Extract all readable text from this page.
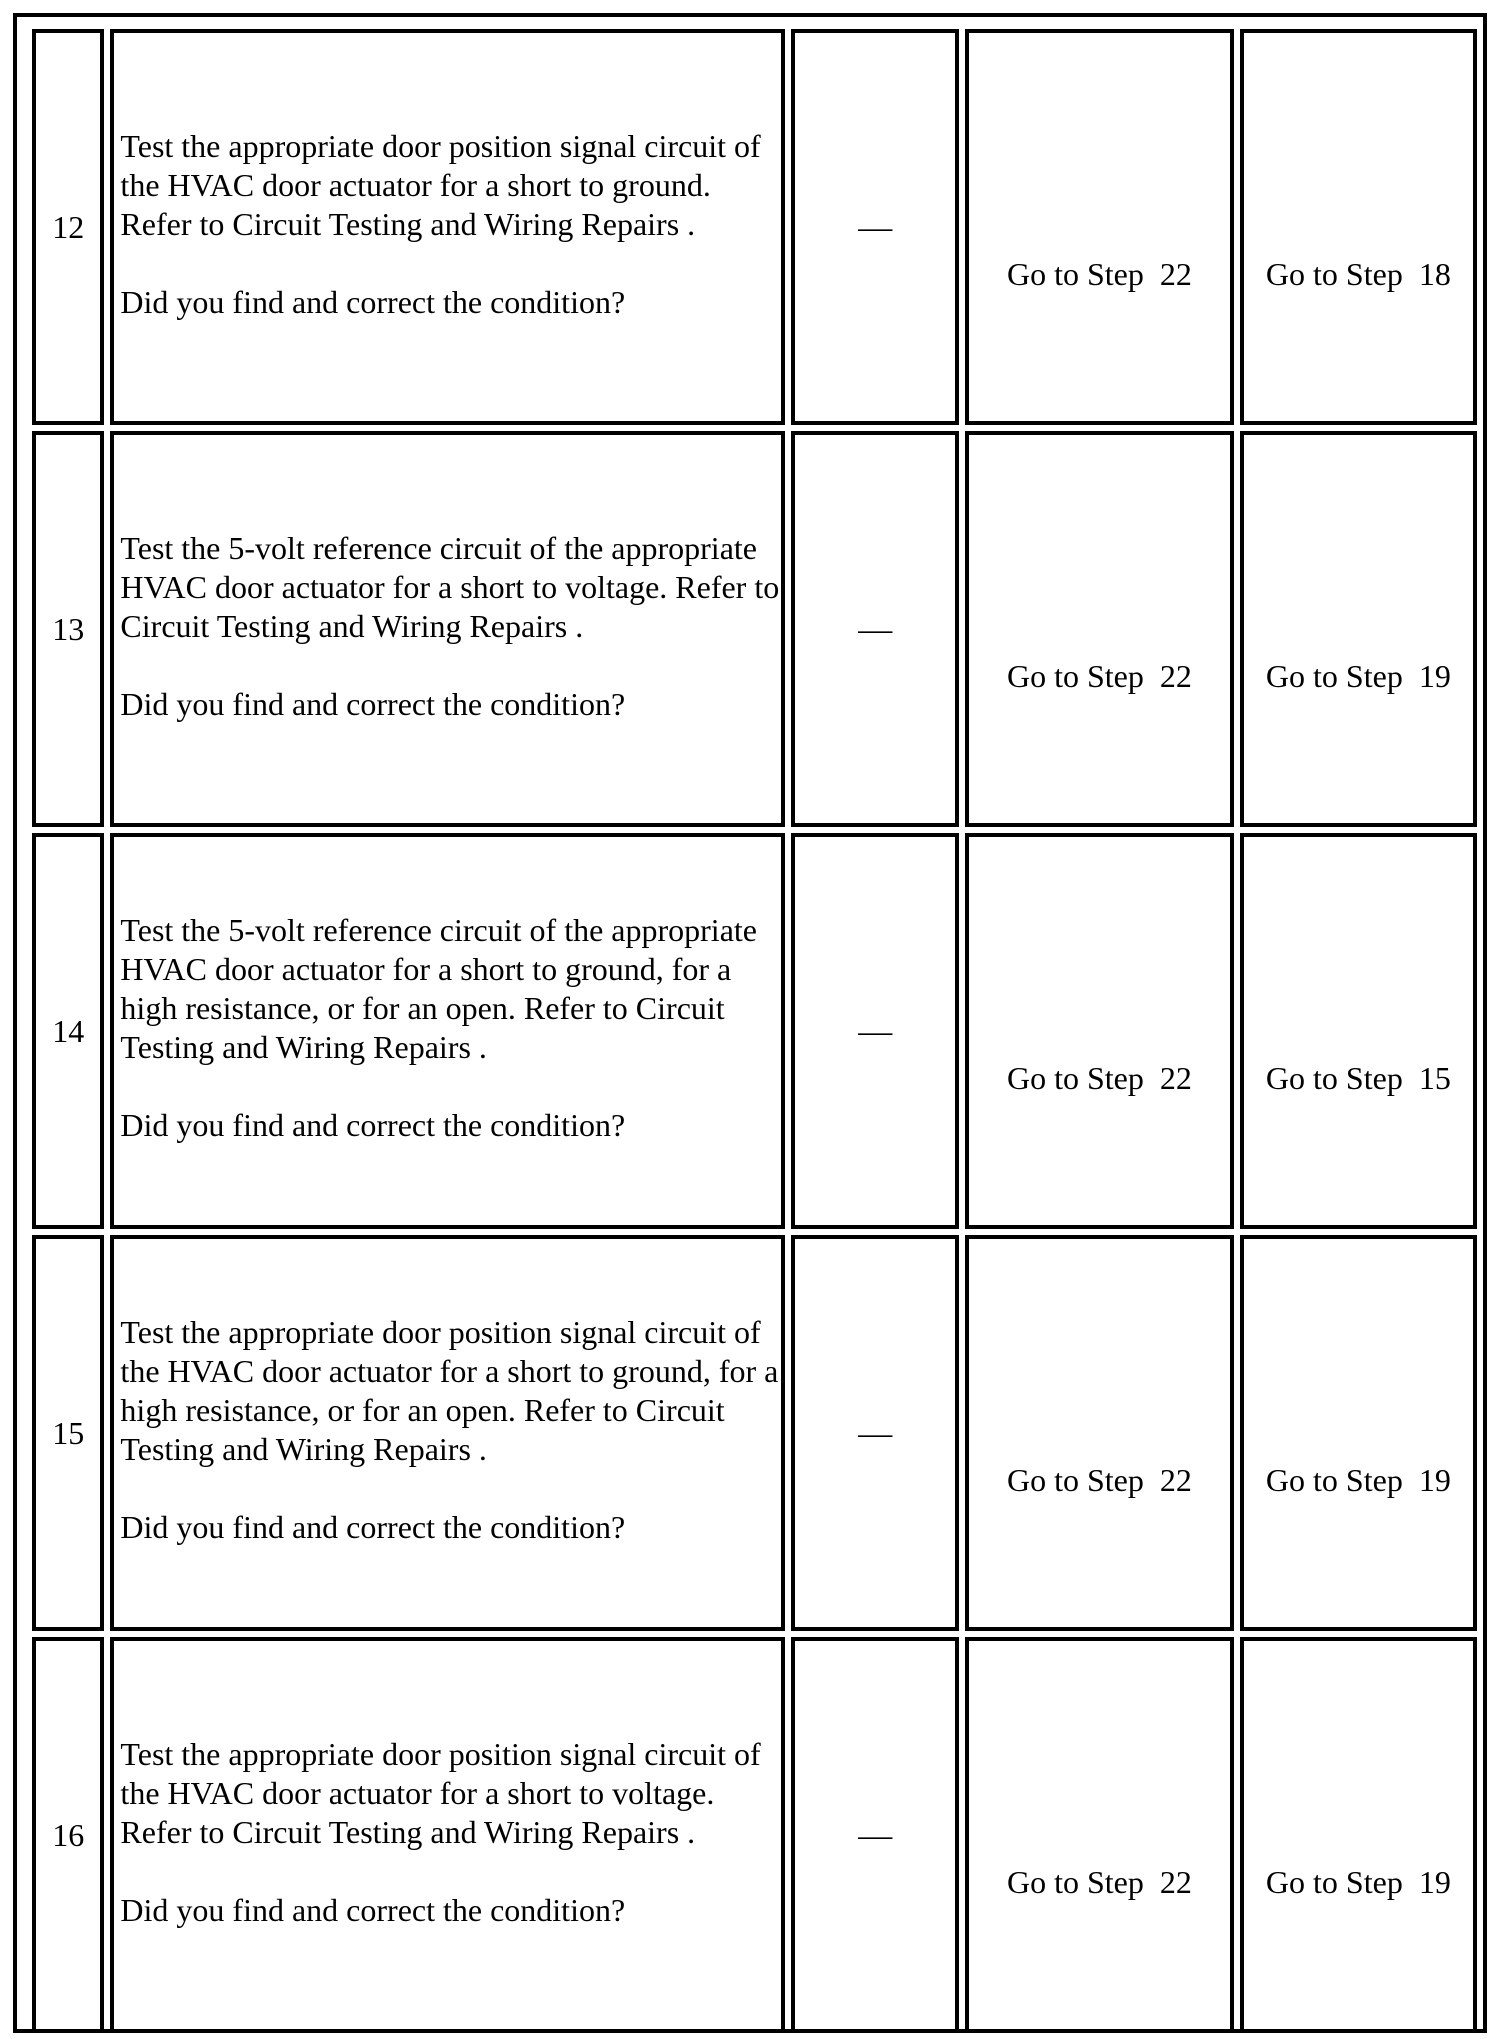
12	Test the appropriate door position signal circuit of the HVAC door actuator for a short to ground. Refer to Circuit Testing and Wiring Repairs .
Did you find and correct the condition?	—	Go to Step  22	Go to Step  18
13	Test the 5-volt reference circuit of the appropriate HVAC door actuator for a short to voltage. Refer to Circuit Testing and Wiring Repairs .
Did you find and correct the condition?	—	Go to Step  22	Go to Step  19
14	Test the 5-volt reference circuit of the appropriate HVAC door actuator for a short to ground, for a high resistance, or for an open. Refer to Circuit Testing and Wiring Repairs .
Did you find and correct the condition?	—	Go to Step  22	Go to Step  15
15	Test the appropriate door position signal circuit of the HVAC door actuator for a short to ground, for a high resistance, or for an open. Refer to Circuit Testing and Wiring Repairs .
Did you find and correct the condition?	—	Go to Step  22	Go to Step  19
16	Test the appropriate door position signal circuit of the HVAC door actuator for a short to voltage. Refer to Circuit Testing and Wiring Repairs .
Did you find and correct the condition?	—	Go to Step  22	Go to Step  19
